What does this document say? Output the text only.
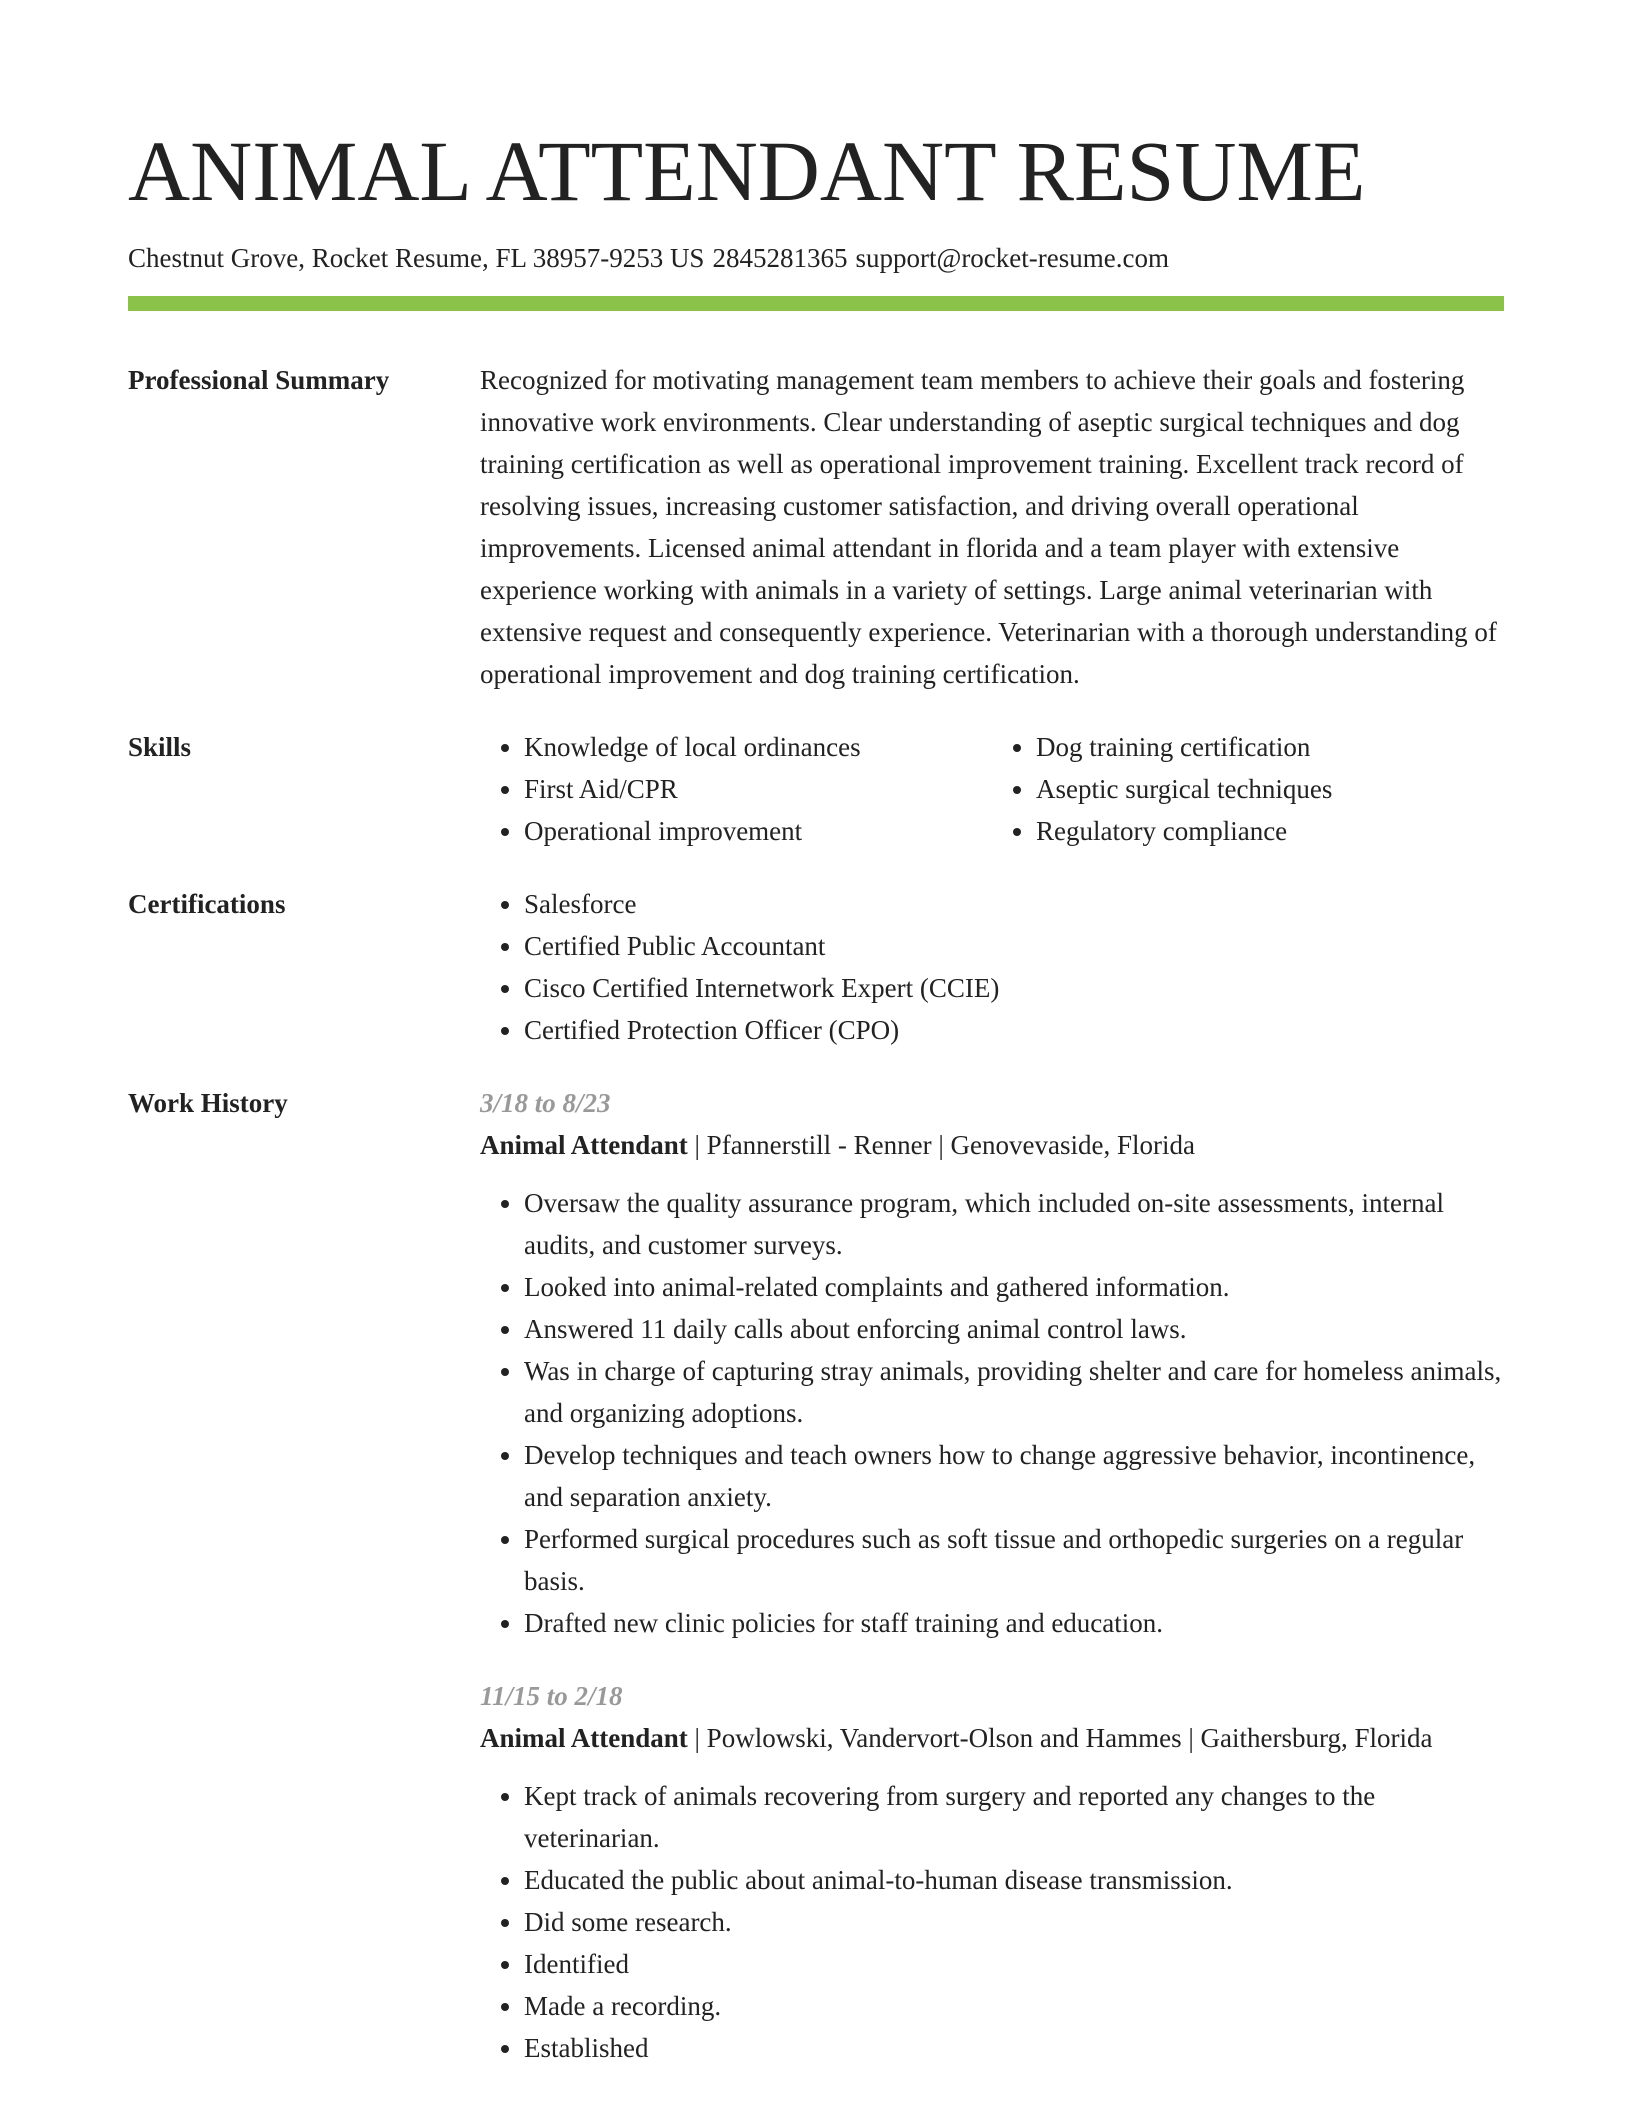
ANIMAL ATTENDANT RESUME
Chestnut Grove, Rocket Resume, FL 38957-9253 US 2845281365 support@rocket-resume.com
Professional Summary	Recognized for motivating management team members to achieve their goals and fostering innovative work environments. Clear understanding of aseptic surgical techniques and dog training certification as well as operational improvement training. Excellent track record of resolving issues, increasing customer satisfaction, and driving overall operational improvements. Licensed animal attendant in florida and a team player with extensive experience working with animals in a variety of settings. Large animal veterinarian with extensive request and consequently experience. Veterinarian with a thorough understanding of operational improvement and dog training certification.

Skills	• Knowledge of local ordinances
• First Aid/CPR
• Operational improvement
• Dog training certification
• Aseptic surgical techniques
• Regulatory compliance
Certifications	• Salesforce
• Certified Public Accountant
• Cisco Certified Internetwork Expert (CCIE)
• Certified Protection Officer (CPO)
Work History	3/18 to 8/23
Animal Attendant | Pfannerstill - Renner | Genovevaside, Florida
• Oversaw the quality assurance program, which included on-site assessments, internal audits, and customer surveys.
• Looked into animal-related complaints and gathered information.
• Answered 11 daily calls about enforcing animal control laws.
• Was in charge of capturing stray animals, providing shelter and care for homeless animals, and organizing adoptions.
• Develop techniques and teach owners how to change aggressive behavior, incontinence, and separation anxiety.
• Performed surgical procedures such as soft tissue and orthopedic surgeries on a regular basis.
• Drafted new clinic policies for staff training and education.
11/15 to 2/18
Animal Attendant | Powlowski, Vandervort-Olson and Hammes | Gaithersburg, Florida
• Kept track of animals recovering from surgery and reported any changes to the veterinarian.
• Educated the public about animal-to-human disease transmission.
• Did some research.
• Identified
• Made a recording.
• Established
